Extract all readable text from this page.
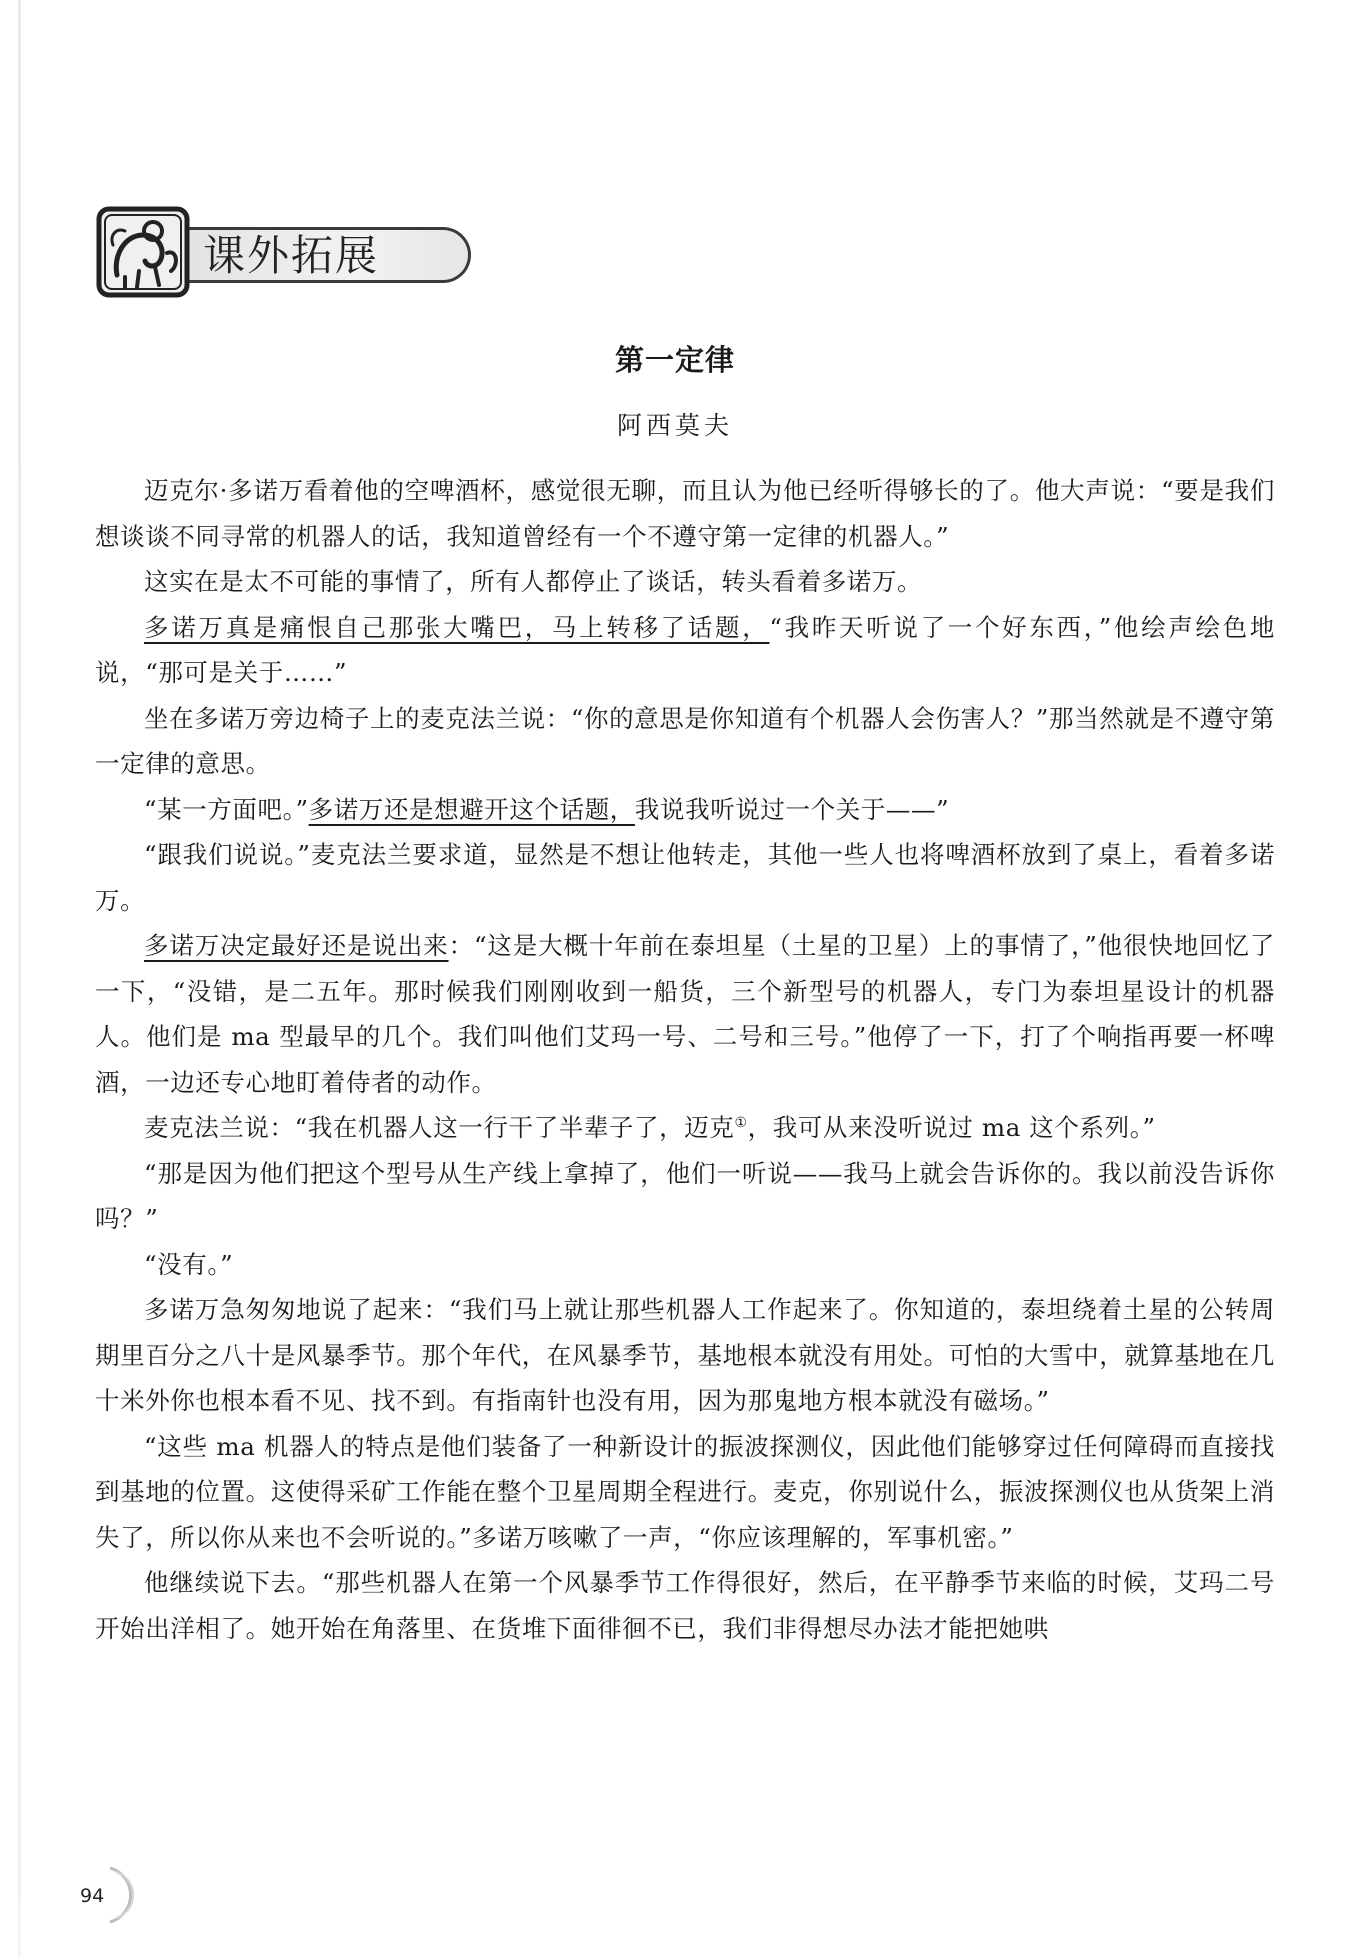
课外拓展
第一定律
阿西莫夫

迈克尔·多诺万看着他的空啤酒杯，感觉很无聊，而且认为他已经听得够长的了。他大声说：“要是我们想谈谈不同寻常的机器人的话，我知道曾经有一个不遵守第一定律的机器人。”

这实在是太不可能的事情了，所有人都停止了谈话，转头看着多诺万。

多诺万真是痛恨自己那张大嘴巴，马上转移了话题，“我昨天听说了一个好东西，”他绘声绘色地说，“那可是关于……”

坐在多诺万旁边椅子上的麦克法兰说：“你的意思是你知道有个机器人会伤害人？”那当然就是不遵守第一定律的意思。

“某一方面吧。”多诺万还是想避开这个话题，我说我听说过一个关于——”

“跟我们说说。”麦克法兰要求道，显然是不想让他转走，其他一些人也将啤酒杯放到了桌上，看着多诺万。

多诺万决定最好还是说出来：“这是大概十年前在泰坦星（土星的卫星）上的事情了，”他很快地回忆了一下，“没错，是二五年。那时候我们刚刚收到一船货，三个新型号的机器人，专门为泰坦星设计的机器人。他们是 ma 型最早的几个。我们叫他们艾玛一号、二号和三号。”他停了一下，打了个响指再要一杯啤酒，一边还专心地盯着侍者的动作。

麦克法兰说：“我在机器人这一行干了半辈子了，迈克①，我可从来没听说过 ma 这个系列。”

“那是因为他们把这个型号从生产线上拿掉了，他们一听说——我马上就会告诉你的。我以前没告诉你吗？”

“没有。”

多诺万急匆匆地说了起来：“我们马上就让那些机器人工作起来了。你知道的，泰坦绕着土星的公转周期里百分之八十是风暴季节。那个年代，在风暴季节，基地根本就没有用处。可怕的大雪中，就算基地在几十米外你也根本看不见、找不到。有指南针也没有用，因为那鬼地方根本就没有磁场。”

“这些 ma 机器人的特点是他们装备了一种新设计的振波探测仪，因此他们能够穿过任何障碍而直接找到基地的位置。这使得采矿工作能在整个卫星周期全程进行。麦克，你别说什么，振波探测仪也从货架上消失了，所以你从来也不会听说的。”多诺万咳嗽了一声，“你应该理解的，军事机密。”

他继续说下去。“那些机器人在第一个风暴季节工作得很好，然后，在平静季节来临的时候，艾玛二号开始出洋相了。她开始在角落里、在货堆下面徘徊不已，我们非得想尽办法才能把她哄

94
